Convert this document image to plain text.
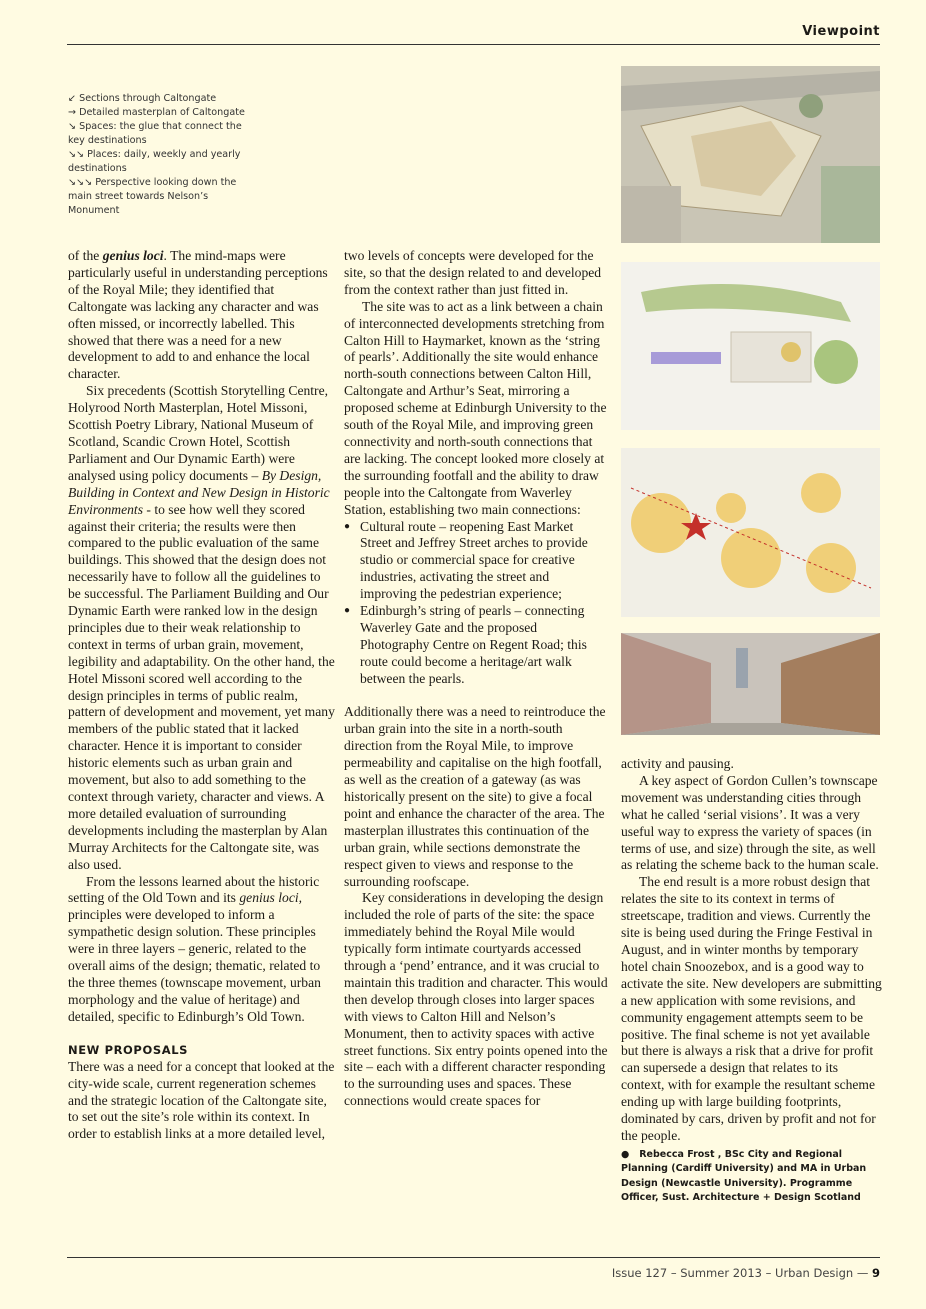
Viewpoint
↙ Sections through Caltongate
→ Detailed masterplan of Caltongate
↘ Spaces: the glue that connect the key destinations
↘↘ Places: daily, weekly and yearly destinations
↘↘↘ Perspective looking down the main street towards Nelson’s Monument

of the genius loci. The mind-maps were particularly useful in understanding perceptions of the Royal Mile; they identified that Caltongate was lacking any character and was often missed, or incorrectly labelled. This showed that there was a need for a new development to add to and enhance the local character.

Six precedents (Scottish Storytelling Centre, Holyrood North Masterplan, Hotel Missoni, Scottish Poetry Library, National Museum of Scotland, Scandic Crown Hotel, Scottish Parliament and Our Dynamic Earth) were analysed using policy documents – By Design, Building in Context and New Design in Historic Environments - to see how well they scored against their criteria; the results were then compared to the public evaluation of the same buildings. This showed that the design does not necessarily have to follow all the guidelines to be successful. The Parliament Building and Our Dynamic Earth were ranked low in the design principles due to their weak relationship to context in terms of urban grain, movement, legibility and adaptability. On the other hand, the Hotel Missoni scored well according to the design principles in terms of public realm, pattern of development and movement, yet many members of the public stated that it lacked character. Hence it is important to consider historic elements such as urban grain and movement, but also to add something to the context through variety, character and views. A more detailed evaluation of surrounding developments including the masterplan by Alan Murray Architects for the Caltongate site, was also used.

From the lessons learned about the historic setting of the Old Town and its genius loci, principles were developed to inform a sympathetic design solution. These principles were in three layers – generic, related to the overall aims of the design; thematic, related to the three themes (townscape movement, urban morphology and the value of heritage) and detailed, specific to Edinburgh’s Old Town.

NEW PROPOSALS

There was a need for a concept that looked at the city-wide scale, current regeneration schemes and the strategic location of the Caltongate site, to set out the site’s role within its context. In order to establish links at a more detailed level,

two levels of concepts were developed for the site, so that the design related to and developed from the context rather than just fitted in.

The site was to act as a link between a chain of interconnected developments stretching from Calton Hill to Haymarket, known as the ‘string of pearls’. Additionally the site would enhance north-south connections between Calton Hill, Caltongate and Arthur’s Seat, mirroring a proposed scheme at Edinburgh University to the south of the Royal Mile, and improving green connectivity and north-south connections that are lacking. The concept looked more closely at the surrounding footfall and the ability to draw people into the Caltongate from Waverley Station, establishing two main connections:

● Cultural route – reopening East Market Street and Jeffrey Street arches to provide studio or commercial space for creative industries, activating the street and improving the pedestrian experience;
● Edinburgh’s string of pearls – connecting Waverley Gate and the proposed Photography Centre on Regent Road; this route could become a heritage/art walk between the pearls.

Additionally there was a need to reintroduce the urban grain into the site in a north-south direction from the Royal Mile, to improve permeability and capitalise on the high footfall, as well as the creation of a gateway (as was historically present on the site) to give a focal point and enhance the character of the area. The masterplan illustrates this continuation of the urban grain, while sections demonstrate the respect given to views and response to the surrounding roofscape.

Key considerations in developing the design included the role of parts of the site: the space immediately behind the Royal Mile would typically form intimate courtyards accessed through a ‘pend’ entrance, and it was crucial to maintain this tradition and character. This would then develop through closes into larger spaces with views to Calton Hill and Nelson’s Monument, then to activity spaces with active street functions. Six entry points opened into the site – each with a different character responding to the surrounding uses and spaces. These connections would create spaces for

activity and pausing.

A key aspect of Gordon Cullen’s townscape movement was understanding cities through what he called ‘serial visions’. It was a very useful way to express the variety of spaces (in terms of use, and size) through the site, as well as relating the scheme back to the human scale.

The end result is a more robust design that relates the site to its context in terms of streetscape, tradition and views. Currently the site is being used during the Fringe Festival in August, and in winter months by temporary hotel chain Snoozebox, and is a good way to activate the site. New developers are submitting a new application with some revisions, and community engagement attempts seem to be positive. The final scheme is not yet available but there is always a risk that a drive for profit can supersede a design that relates to its context, with for example the resultant scheme ending up with large building footprints, dominated by cars, driven by profit and not for the people.

●   Rebecca Frost , BSc City and Regional Planning (Cardiff University) and MA in Urban Design (Newcastle University). Programme Officer, Sust. Architecture + Design Scotland
Issue 127 – Summer 2013 – Urban Design — 9
